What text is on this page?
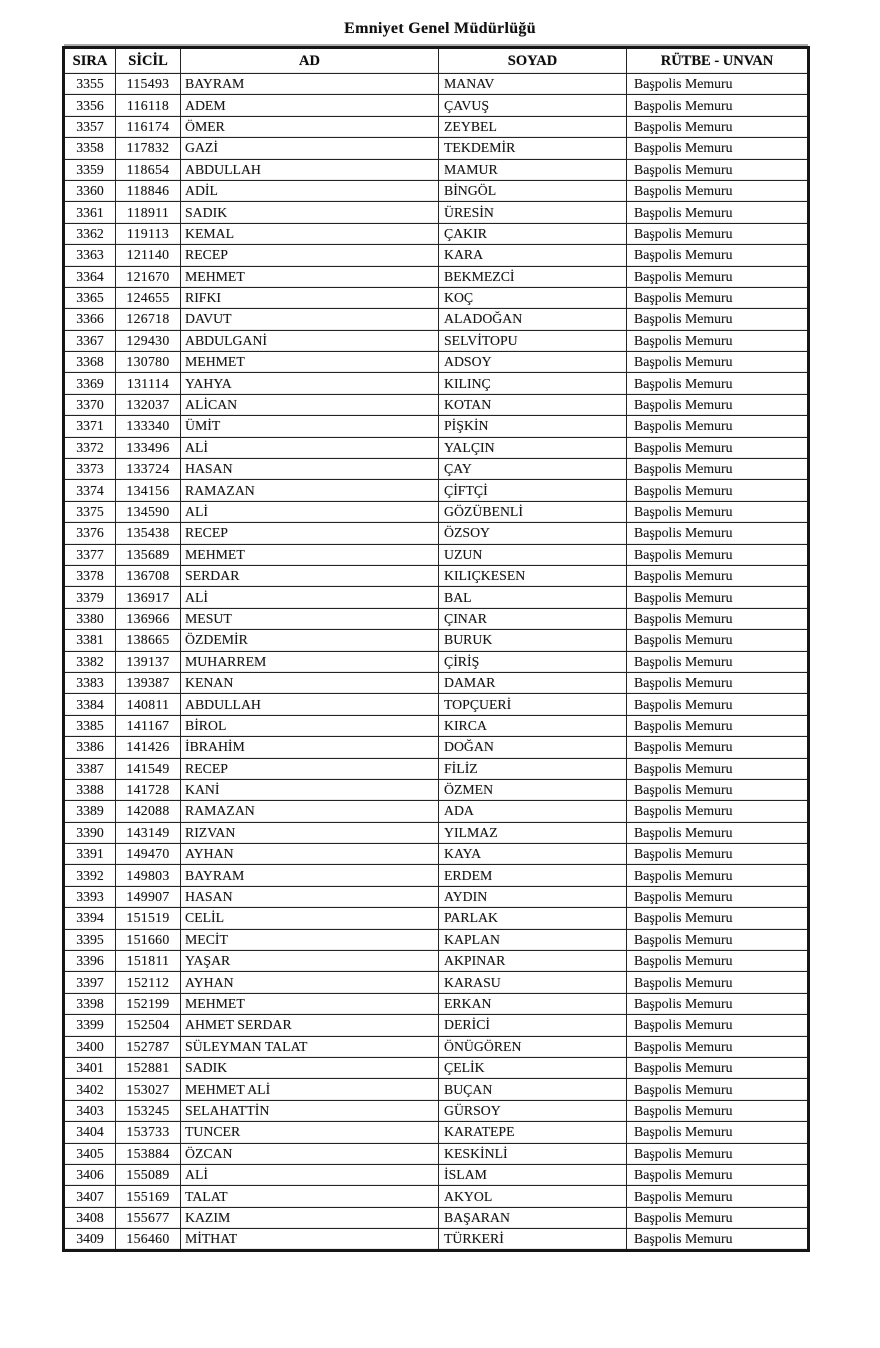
Emniyet Genel Müdürlüğü
SIRA	SİCİL	AD	SOYAD	RÜTBE - UNVAN
3355	115493	BAYRAM	MANAV	Başpolis Memuru
3356	116118	ADEM	ÇAVUŞ	Başpolis Memuru
3357	116174	ÖMER	ZEYBEL	Başpolis Memuru
3358	117832	GAZİ	TEKDEMİR	Başpolis Memuru
3359	118654	ABDULLAH	MAMUR	Başpolis Memuru
3360	118846	ADİL	BİNGÖL	Başpolis Memuru
3361	118911	SADIK	ÜRESİN	Başpolis Memuru
3362	119113	KEMAL	ÇAKIR	Başpolis Memuru
3363	121140	RECEP	KARA	Başpolis Memuru
3364	121670	MEHMET	BEKMEZCİ	Başpolis Memuru
3365	124655	RIFKI	KOÇ	Başpolis Memuru
3366	126718	DAVUT	ALADOĞAN	Başpolis Memuru
3367	129430	ABDULGANİ	SELVİTOPU	Başpolis Memuru
3368	130780	MEHMET	ADSOY	Başpolis Memuru
3369	131114	YAHYA	KILINÇ	Başpolis Memuru
3370	132037	ALİCAN	KOTAN	Başpolis Memuru
3371	133340	ÜMİT	PİŞKİN	Başpolis Memuru
3372	133496	ALİ	YALÇIN	Başpolis Memuru
3373	133724	HASAN	ÇAY	Başpolis Memuru
3374	134156	RAMAZAN	ÇİFTÇİ	Başpolis Memuru
3375	134590	ALİ	GÖZÜBENLİ	Başpolis Memuru
3376	135438	RECEP	ÖZSOY	Başpolis Memuru
3377	135689	MEHMET	UZUN	Başpolis Memuru
3378	136708	SERDAR	KILIÇKESEN	Başpolis Memuru
3379	136917	ALİ	BAL	Başpolis Memuru
3380	136966	MESUT	ÇINAR	Başpolis Memuru
3381	138665	ÖZDEMİR	BURUK	Başpolis Memuru
3382	139137	MUHARREM	ÇİRİŞ	Başpolis Memuru
3383	139387	KENAN	DAMAR	Başpolis Memuru
3384	140811	ABDULLAH	TOPÇUERİ	Başpolis Memuru
3385	141167	BİROL	KIRCA	Başpolis Memuru
3386	141426	İBRAHİM	DOĞAN	Başpolis Memuru
3387	141549	RECEP	FİLİZ	Başpolis Memuru
3388	141728	KANİ	ÖZMEN	Başpolis Memuru
3389	142088	RAMAZAN	ADA	Başpolis Memuru
3390	143149	RIZVAN	YILMAZ	Başpolis Memuru
3391	149470	AYHAN	KAYA	Başpolis Memuru
3392	149803	BAYRAM	ERDEM	Başpolis Memuru
3393	149907	HASAN	AYDIN	Başpolis Memuru
3394	151519	CELİL	PARLAK	Başpolis Memuru
3395	151660	MECİT	KAPLAN	Başpolis Memuru
3396	151811	YAŞAR	AKPINAR	Başpolis Memuru
3397	152112	AYHAN	KARASU	Başpolis Memuru
3398	152199	MEHMET	ERKAN	Başpolis Memuru
3399	152504	AHMET SERDAR	DERİCİ	Başpolis Memuru
3400	152787	SÜLEYMAN TALAT	ÖNÜGÖREN	Başpolis Memuru
3401	152881	SADIK	ÇELİK	Başpolis Memuru
3402	153027	MEHMET ALİ	BUÇAN	Başpolis Memuru
3403	153245	SELAHATTİN	GÜRSOY	Başpolis Memuru
3404	153733	TUNCER	KARATEPE	Başpolis Memuru
3405	153884	ÖZCAN	KESKİNLİ	Başpolis Memuru
3406	155089	ALİ	İSLAM	Başpolis Memuru
3407	155169	TALAT	AKYOL	Başpolis Memuru
3408	155677	KAZIM	BAŞARAN	Başpolis Memuru
3409	156460	MİTHAT	TÜRKERİ	Başpolis Memuru
